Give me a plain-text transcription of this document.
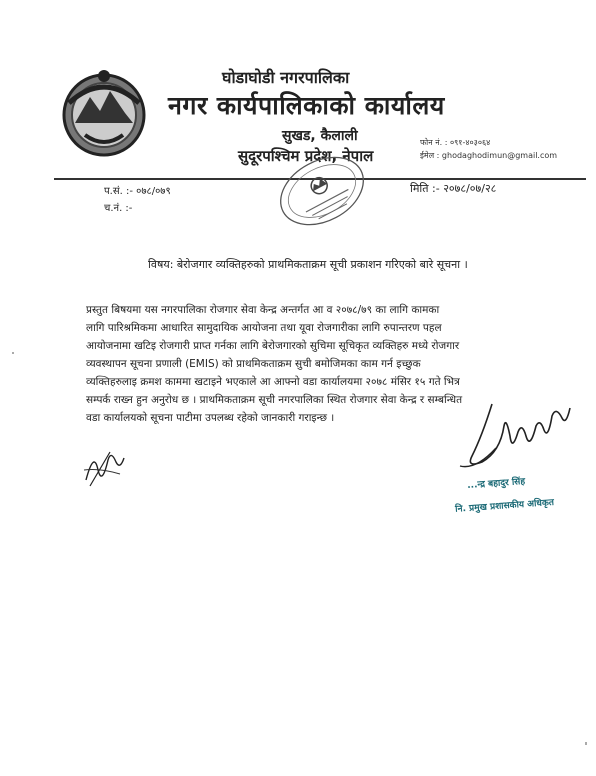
घोडाघोडी नगरपालिका
नगर कार्यपालिकाको कार्यालय
सुखड, कैलाली
सुदूरपश्चिम प्रदेश, नेपाल
फोन नं. : ०९१-४०३०६४
ईमेल : ghodaghodimun@gmail.com
प.सं. :- ०७८/०७९
च.नं. :-
मिति :- २०७८/०७/२८
विषय: बेरोजगार व्यक्तिहरुको प्राथमिकताक्रम सूची प्रकाशन गरिएको बारे सूचना ।
प्रस्तुत बिषयमा यस नगरपालिका रोजगार सेवा केन्द्र अन्तर्गत आ व २०७८/७९ का लागि कामका
लागि पारिश्रमिकमा आधारित सामुदायिक आयोजना तथा यूवा रोजगारीका लागि रुपान्तरण पहल
आयोजनामा खटिइ रोजगारी प्राप्त गर्नका लागि बेरोजगारको सुचिमा सूचिकृत व्यक्तिहरु मध्ये रोजगार
व्यवस्थापन सूचना प्रणाली (EMIS) को प्राथमिकताक्रम सुची बमोजिमका काम गर्न इच्छुक
व्यक्तिहरुलाइ क्रमश काममा खटाइने भएकाले आ आफ्नो वडा कार्यालयमा २०७८ मंसिर १५ गते भित्र
सम्पर्क राख्न हुन अनुरोध छ । प्राथमिकताक्रम सूची नगरपालिका स्थित रोजगार सेवा केन्द्र र सम्बन्धित
वडा कार्यालयको सूचना पाटीमा उपलब्ध रहेको जानकारी गराइन्छ ।
...न्द्र बहादुर सिंह
नि. प्रमुख प्रशासकीय अधिकृत
